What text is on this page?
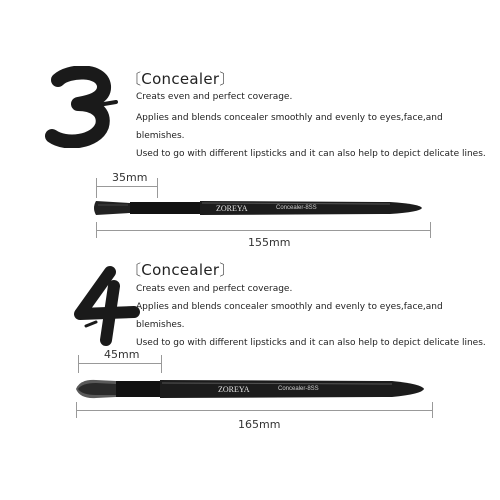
〔Concealer〕
Creats even and perfect coverage.
Applies and blends concealer smoothly and evenly to eyes,face,and
blemishes.
Used to go with different lipsticks and it can also help to depict delicate lines.
35mm
ZOREYA	Concealer-8SS
155mm
〔Concealer〕
Creats even and perfect coverage.
Applies and blends concealer smoothly and evenly to eyes,face,and
blemishes.
Used to go with different lipsticks and it can also help to depict delicate lines.
45mm
ZOREYA	Concealer-8SS
165mm
